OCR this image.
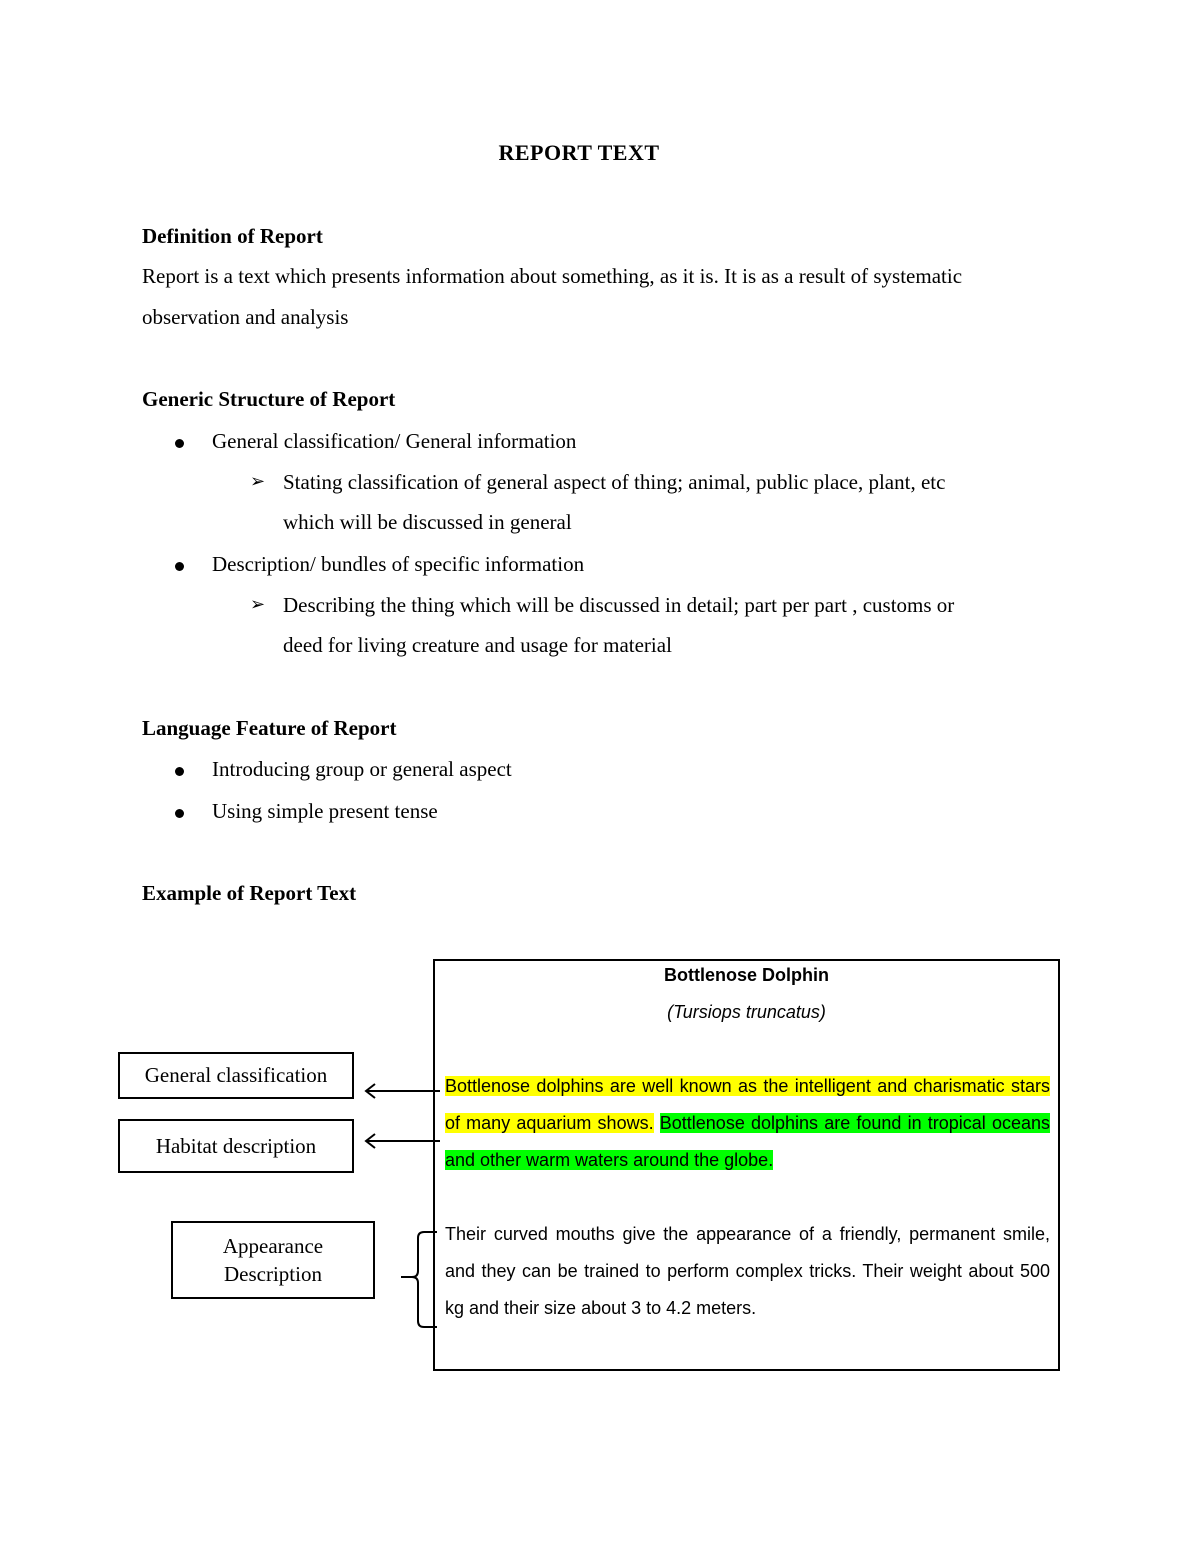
REPORT TEXT
Definition of Report
Report is a text which presents information about something, as it is. It is as a result of systematic
observation and analysis
Generic Structure of Report
General classification/ General information
➢ Stating classification of general aspect of thing; animal, public place, plant, etc
which will be discussed in general
Description/ bundles of specific information
➢ Describing the thing which will be discussed in detail; part per part , customs or
deed for living creature and usage for material
Language Feature of Report
Introducing group or general aspect
Using simple present tense
Example of Report Text
Bottlenose Dolphin
(Tursiops truncatus)
Bottlenose dolphins are well known as the intelligent and charismatic stars of many aquarium shows. Bottlenose dolphins are found in tropical oceans and other warm waters around the globe.
Their curved mouths give the appearance of a friendly, permanent smile, and they can be trained to perform complex tricks. Their weight about 500 kg and their size about 3 to 4.2 meters.
General classification
Habitat description
Appearance
Description
